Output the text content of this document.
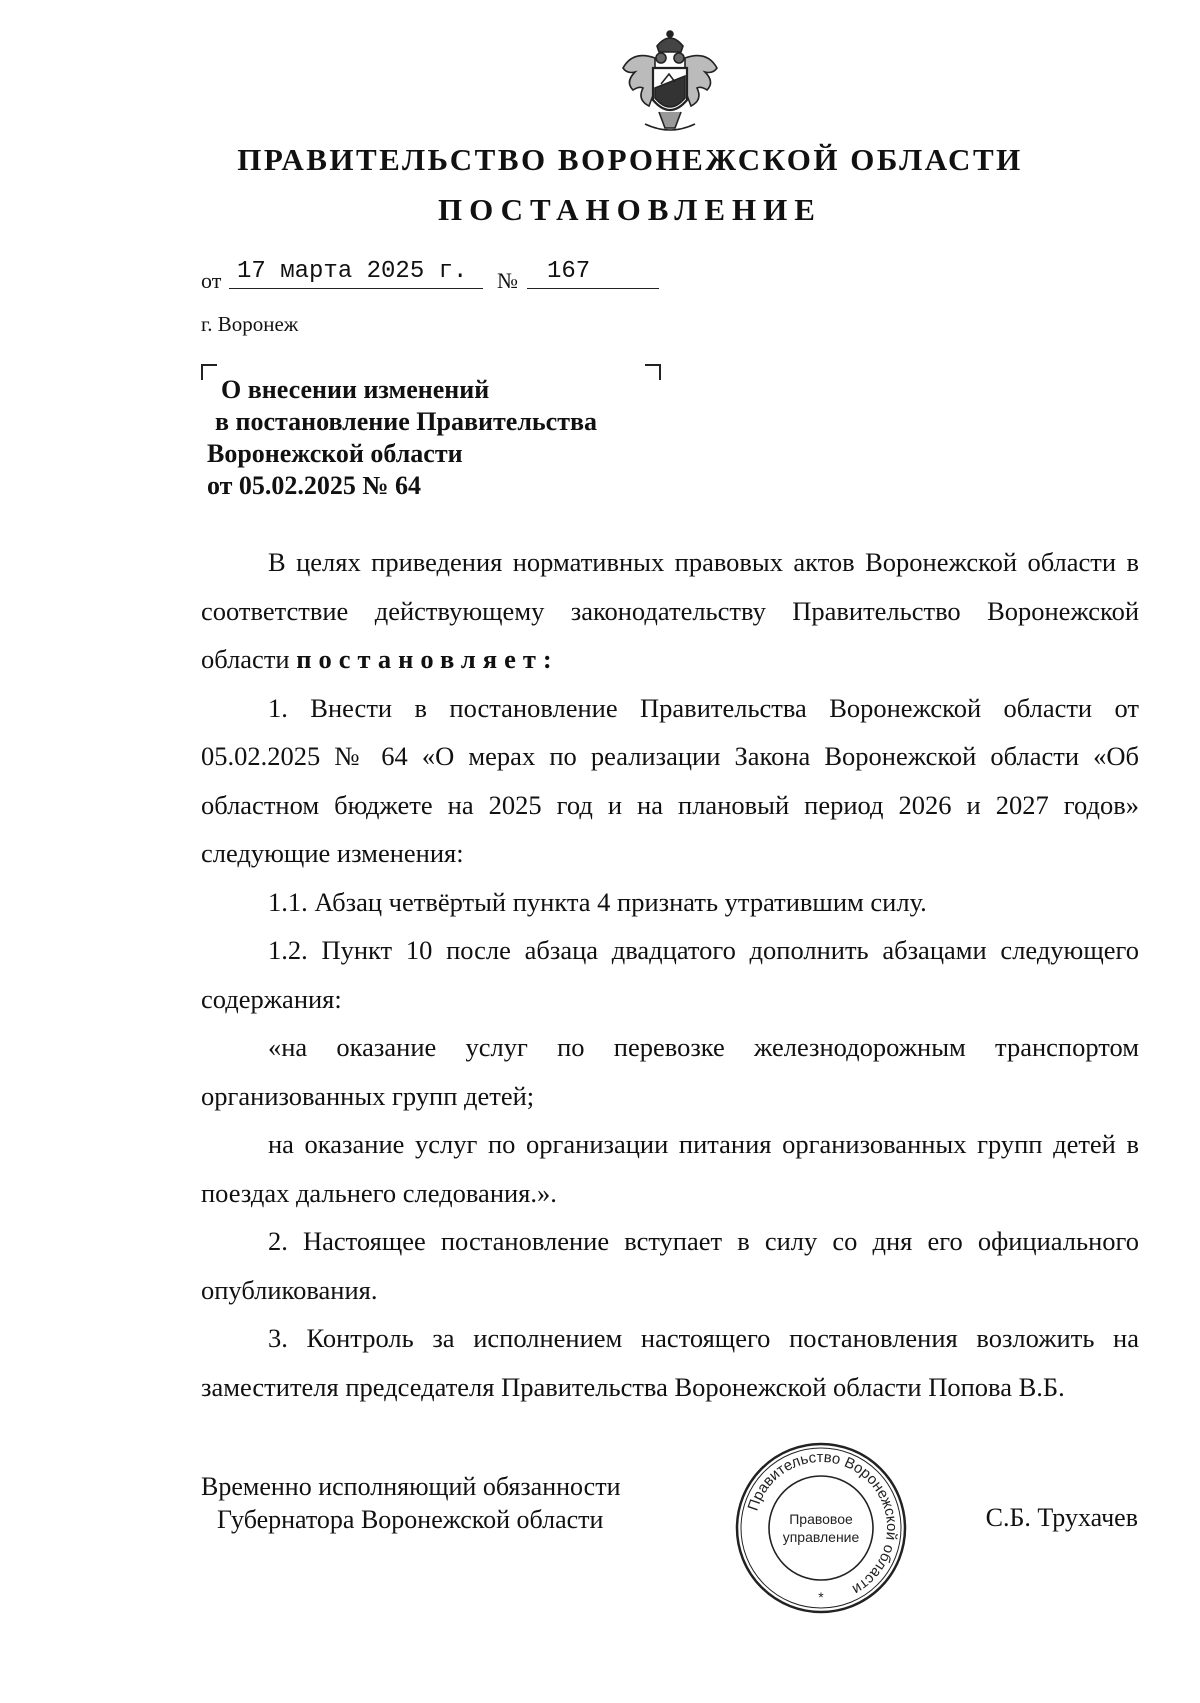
ПРАВИТЕЛЬСТВО ВОРОНЕЖСКОЙ ОБЛАСТИ
ПОСТАНОВЛЕНИЕ
от 17 марта 2025 г. № 167
г. Воронеж
О внесении изменений
в постановление Правительства
Воронежской области
от 05.02.2025 № 64

В целях приведения нормативных правовых актов Воронежской области в соответствие действующему законодательству Правительство Воронежской области постановляет:

1. Внести в постановление Правительства Воронежской области от 05.02.2025 № 64 «О мерах по реализации Закона Воронежской области «Об областном бюджете на 2025 год и на плановый период 2026 и 2027 годов» следующие изменения:

1.1. Абзац четвёртый пункта 4 признать утратившим силу.

1.2. Пункт 10 после абзаца двадцатого дополнить абзацами следующего содержания:

«на оказание услуг по перевозке железнодорожным транспортом организованных групп детей;

на оказание услуг по организации питания организованных групп детей в поездах дальнего следования.».

2. Настоящее постановление вступает в силу со дня его официального опубликования.

3. Контроль за исполнением настоящего постановления возложить на заместителя председателя Правительства Воронежской области Попова В.Б.

Временно исполняющий обязанности
Губернатора Воронежской области	Правительство Воронежской области
Правовое
управление
*
С.Б. Трухачев
